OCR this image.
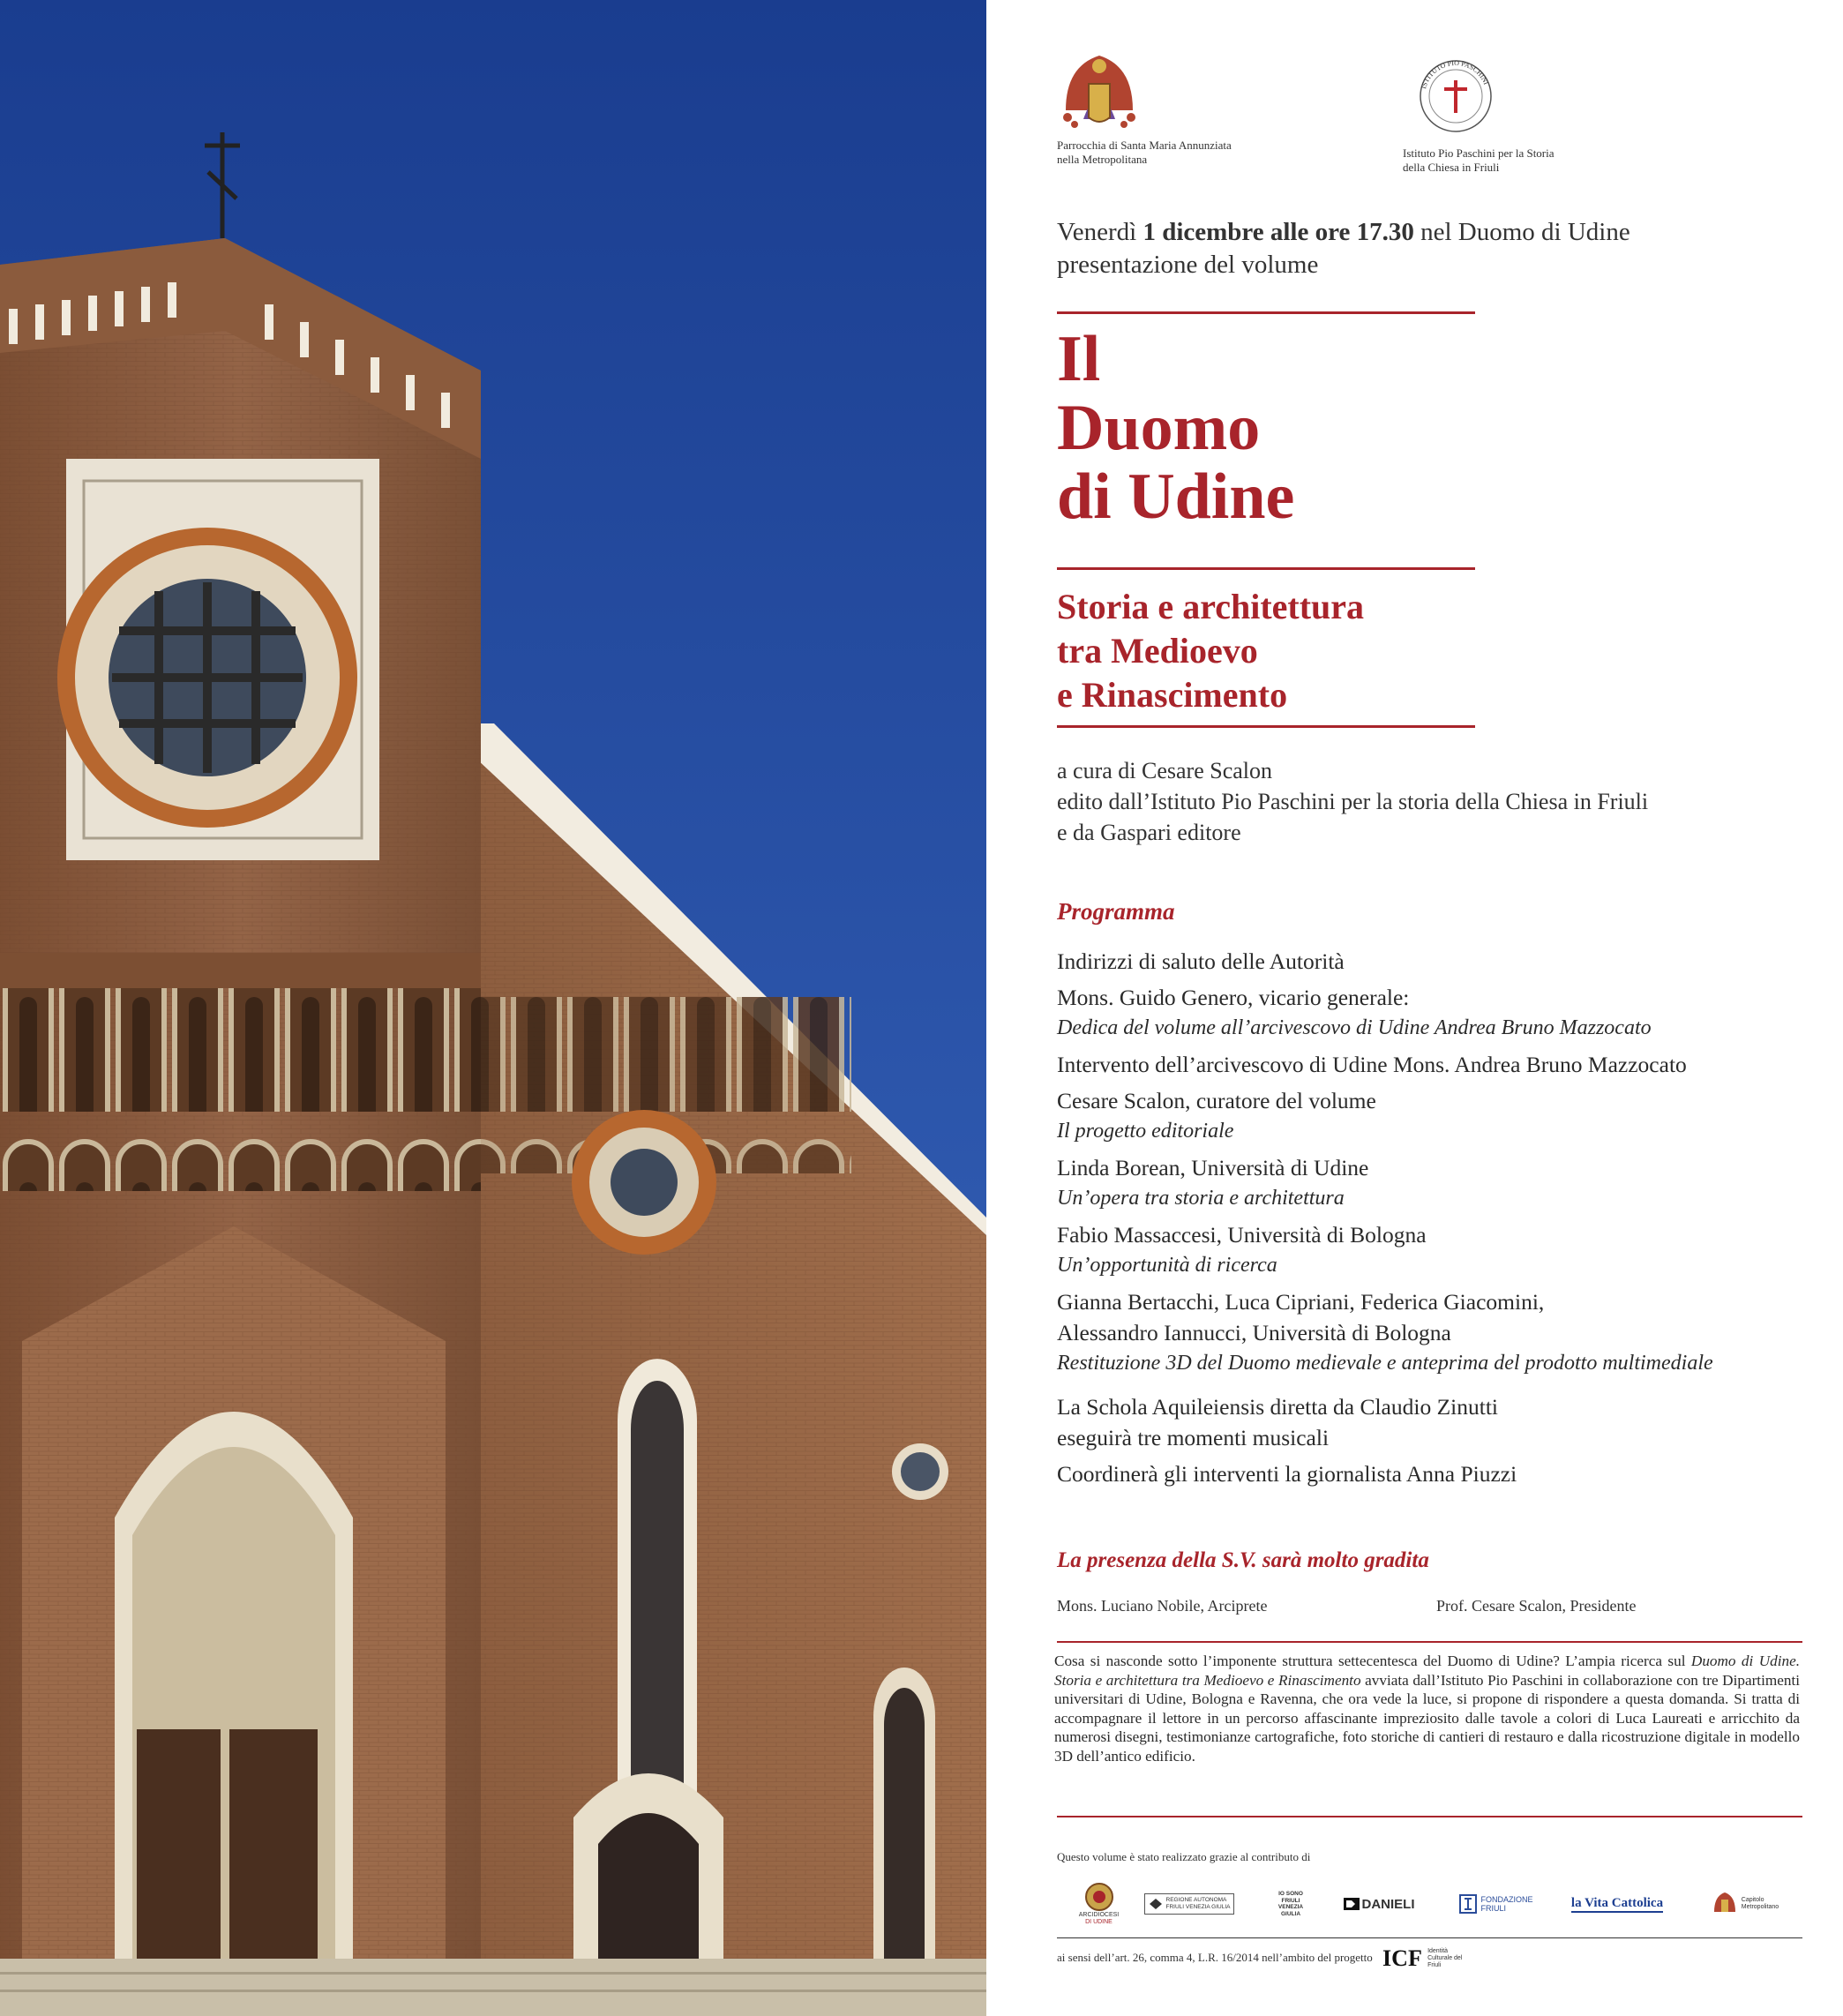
Parrocchia di Santa Maria Annunziata
nella Metropolitana
ISTITUTO PIO PASCHINI
Istituto Pio Paschini per la Storia
della Chiesa in Friuli
Venerdì 1 dicembre alle ore 17.30 nel Duomo di Udine
presentazione del volume
Il
Duomo
di Udine
Storia e architettura
tra Medioevo
e Rinascimento
a cura di Cesare Scalon
edito dall’Istituto Pio Paschini per la storia della Chiesa in Friuli
e da Gaspari editore
Programma
Indirizzi di saluto delle Autorità
Mons. Guido Genero, vicario generale:
Dedica del volume all’arcivescovo di Udine Andrea Bruno Mazzocato
Intervento dell’arcivescovo di Udine Mons. Andrea Bruno Mazzocato
Cesare Scalon, curatore del volume
Il progetto editoriale
Linda Borean, Università di Udine
Un’opera tra storia e architettura
Fabio Massaccesi, Università di Bologna
Un’opportunità di ricerca
Gianna Bertacchi, Luca Cipriani, Federica Giacomini,
Alessandro Iannucci, Università di Bologna
Restituzione 3D del Duomo medievale e anteprima del prodotto multimediale
La Schola Aquileiensis diretta da Claudio Zinutti
eseguirà tre momenti musicali
Coordinerà gli interventi la giornalista Anna Piuzzi
La presenza della S.V. sarà molto gradita
Mons. Luciano Nobile, Arciprete	Prof. Cesare Scalon, Presidente
Cosa si nasconde sotto l’imponente struttura settecentesca del Duomo di Udine? L’ampia ricerca sul Duomo di Udine. Storia e architettura tra Medioevo e Rinascimento avviata dall’Istituto Pio Paschini in collaborazione con tre Dipartimenti universitari di Udine, Bologna e Ravenna, che ora vede la luce, si propone di rispondere a questa domanda. Si tratta di accompagnare il lettore in un percorso affascinante impreziosito dalle tavole a colori di Luca Laureati e arricchito da numerosi disegni, testimonianze cartografiche, foto storiche di cantieri di restauro e dalla ricostruzione digitale in modello 3D dell’antico edificio.
Questo volume è stato realizzato grazie al contributo di
ARCIDIOCESI
DI UDINE
REGIONE AUTONOMA
FRIULI VENEZIA GIULIA
IO SONO
FRIULI VENEZIA GIULIA
DANIELI	FONDAZIONE
FRIULI	la Vita Cattolica	Capitolo
Metropolitano
ai sensi dell’art. 26, comma 4, L.R. 16/2014 nell’ambito del progetto ICF Identità Culturale del Friuli
